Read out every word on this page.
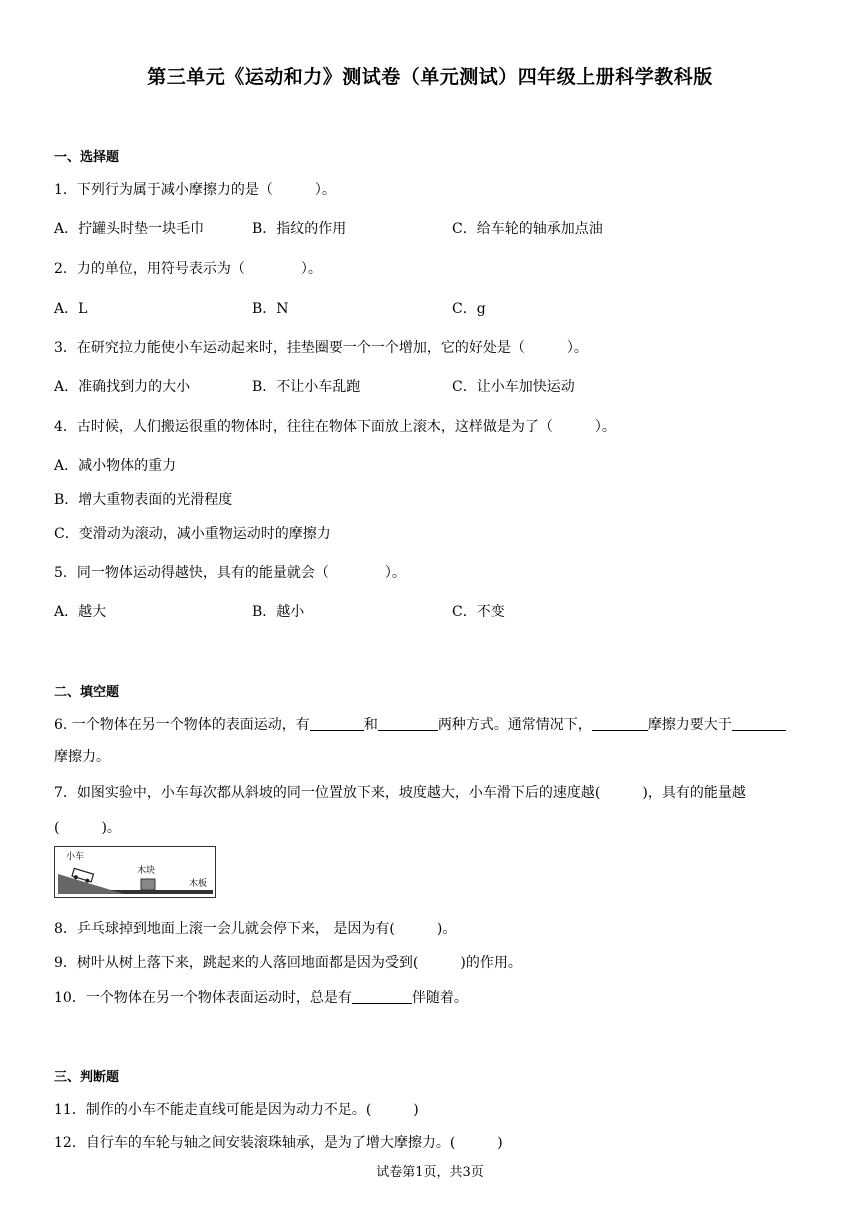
第三单元《运动和力》测试卷（单元测试）四年级上册科学教科版
一、选择题
1．下列行为属于减小摩擦力的是（　　　）。
A．拧罐头时垫一块毛巾	B．指纹的作用	C．给车轮的轴承加点油
2．力的单位，用符号表示为（　　　　）。
A．L	B．N	C．g
3．在研究拉力能使小车运动起来时，挂垫圈要一个一个增加，它的好处是（　　　）。
A．准确找到力的大小	B．不让小车乱跑	C．让小车加快运动
4．古时候，人们搬运很重的物体时，往往在物体下面放上滚木，这样做是为了（　　　）。
A．减小物体的重力
B．增大重物表面的光滑程度
C．变滑动为滚动，减小重物运动时的摩擦力
5．同一物体运动得越快，具有的能量就会（　　　　）。
A．越大	B．越小	C．不变
二、填空题
6. 一个物体在另一个物体的表面运动，有	和	两种方式。通常情况下，	摩擦力要大于
摩擦力。
7．如图实验中，小车每次都从斜坡的同一位置放下来，坡度越大，小车滑下后的速度越(　　　)，具有的能量越
(　　　)。
小车
木块
木板
8．乒乓球掉到地面上滚一会儿就会停下来， 是因为有(　　　)。
9．树叶从树上落下来，跳起来的人落回地面都是因为受到(　　　)的作用。
10．一个物体在另一个物体表面运动时，总是有	伴随着。
三、判断题
11．制作的小车不能走直线可能是因为动力不足。(　　　)
12．自行车的车轮与轴之间安装滚珠轴承，是为了增大摩擦力。(　　　)
试卷第1页，共3页
